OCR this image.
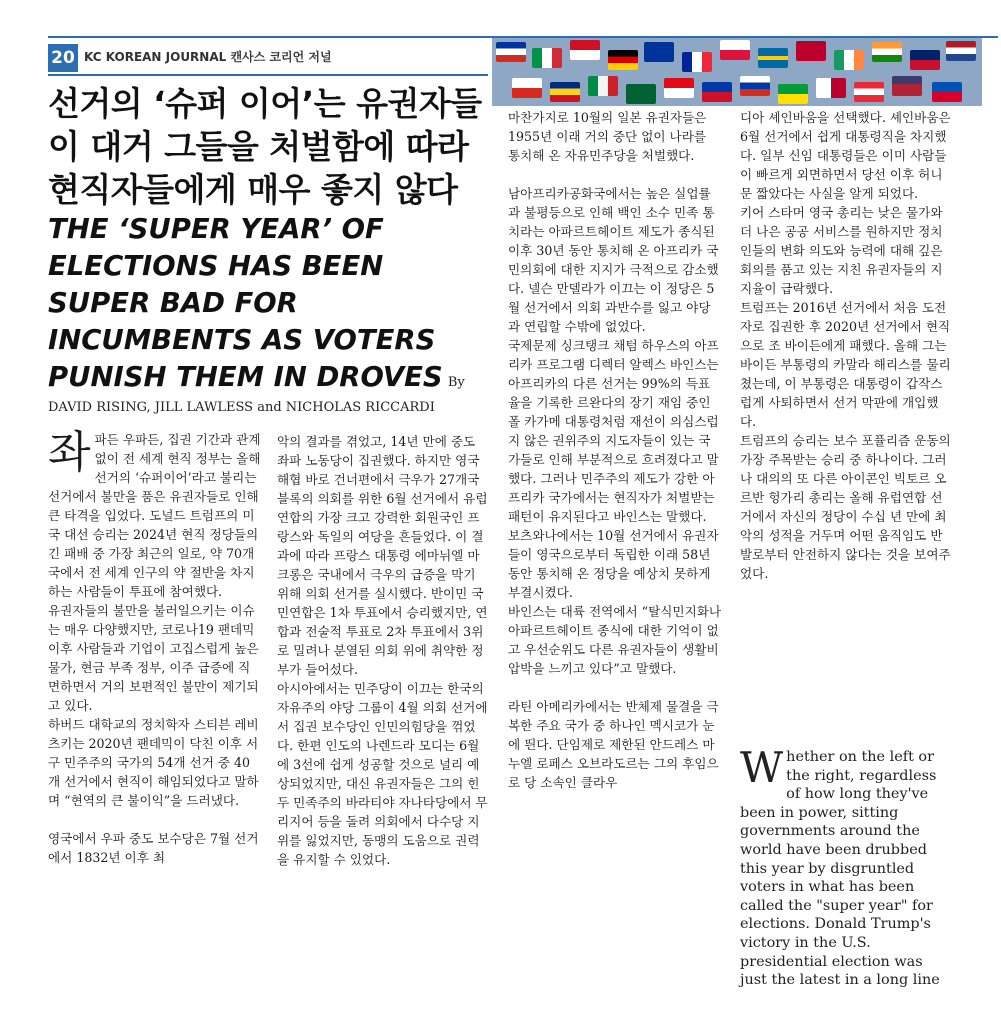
20 KC KOREAN JOURNAL 캔사스 코리언 저널
선거의 ‘슈퍼 이어’는 유권자들이 대거 그들을 처벌함에 따라 현직자들에게 매우 좋지 않다 THE ‘SUPER YEAR’ OF ELECTIONS HAS BEEN SUPER BAD FOR INCUMBENTS AS VOTERS PUNISH THEM IN DROVES By DAVID RISING, JILL LAWLESS and NICHOLAS RICCARDI

좌파든 우파든, 집권 기간과 관계없이 전 세계 현직 정부는 올해 선거의 ‘슈퍼이어’라고 불리는 선거에서 불만을 품은 유권자들로 인해 큰 타격을 입었다. 도널드 트럼프의 미국 대선 승리는 2024년 현직 정당들의 긴 패배 중 가장 최근의 일로, 약 70개국에서 전 세계 인구의 약 절반을 차지하는 사람들이 투표에 참여했다.

유권자들의 불만을 불러일으키는 이슈는 매우 다양했지만, 코로나19 팬데믹 이후 사람들과 기업이 고집스럽게 높은 물가, 현금 부족 정부, 이주 급증에 직면하면서 거의 보편적인 불만이 제기되고 있다.

하버드 대학교의 정치학자 스티븐 레비츠키는 2020년 팬데믹이 닥친 이후 서구 민주주의 국가의 54개 선거 중 40개 선거에서 현직이 해임되었다고 말하며 “현역의 큰 불이익”을 드러냈다.

영국에서 우파 중도 보수당은 7월 선거에서 1832년 이후 최

악의 결과를 겪었고, 14년 만에 중도 좌파 노동당이 집권했다. 하지만 영국 해협 바로 건너편에서 극우가 27개국 블록의 의회를 위한 6월 선거에서 유럽 연합의 가장 크고 강력한 회원국인 프랑스와 독일의 여당을 흔들었다. 이 결과에 따라 프랑스 대통령 에마뉘엘 마크롱은 국내에서 극우의 급증을 막기 위해 의회 선거를 실시했다. 반이민 국민연합은 1차 투표에서 승리했지만, 연합과 전술적 투표로 2차 투표에서 3위로 밀려나 분열된 의회 위에 취약한 정부가 들어섰다.

아시아에서는 민주당이 이끄는 한국의 자유주의 야당 그룹이 4월 의회 선거에서 집권 보수당인 인민의힘당을 꺾었다. 한편 인도의 나렌드라 모디는 6월에 3선에 쉽게 성공할 것으로 널리 예상되었지만, 대신 유권자들은 그의 힌두 민족주의 바라티야 자나타당에서 무리지어 등을 돌려 의회에서 다수당 지위를 잃었지만, 동맹의 도움으로 권력을 유지할 수 있었다.

마찬가지로 10월의 일본 유권자들은 1955년 이래 거의 중단 없이 나라를 통치해 온 자유민주당을 처벌했다.

남아프리카공화국에서는 높은 실업률과 불평등으로 인해 백인 소수 민족 통치라는 아파르트헤이트 제도가 종식된 이후 30년 동안 통치해 온 아프리카 국민의회에 대한 지지가 극적으로 감소했다. 넬슨 만델라가 이끄는 이 정당은 5월 선거에서 의회 과반수를 잃고 야당과 연립할 수밖에 없었다.

국제문제 싱크탱크 채텀 하우스의 아프리카 프로그램 디렉터 알렉스 바인스는 아프리카의 다른 선거는 99%의 득표율을 기록한 르완다의 장기 재임 중인 폴 카가메 대통령처럼 재선이 의심스럽지 않은 권위주의 지도자들이 있는 국가들로 인해 부분적으로 흐려졌다고 말했다. 그러나 민주주의 제도가 강한 아프리카 국가에서는 현직자가 처벌받는 패턴이 유지된다고 바인스는 말했다.

보츠와나에서는 10월 선거에서 유권자들이 영국으로부터 독립한 이래 58년 동안 통치해 온 정당을 예상치 못하게 부결시켰다.

바인스는 대륙 전역에서 “탈식민지화나 아파르트헤이트 종식에 대한 기억이 없고 우선순위도 다른 유권자들이 생활비 압박을 느끼고 있다”고 말했다.

라틴 아메리카에서는 반체제 물결을 극복한 주요 국가 중 하나인 멕시코가 눈에 띈다. 단임제로 제한된 안드레스 마누엘 로페스 오브라도르는 그의 후임으로 당 소속인 클라우

디아 셰인바움을 선택했다. 셰인바움은 6월 선거에서 쉽게 대통령직을 차지했다. 일부 신임 대통령들은 이미 사람들이 빠르게 외면하면서 당선 이후 허니문 짧았다는 사실을 알게 되었다.

키어 스타머 영국 총리는 낮은 물가와 더 나은 공공 서비스를 원하지만 정치인들의 변화 의도와 능력에 대해 깊은 회의를 품고 있는 지친 유권자들의 지지율이 급락했다.

트럼프는 2016년 선거에서 처음 도전자로 집권한 후 2020년 선거에서 현직으로 조 바이든에게 패했다. 올해 그는 바이든 부통령의 카말라 해리스를 물리쳤는데, 이 부통령은 대통령이 갑작스럽게 사퇴하면서 선거 막판에 개입했다.

트럼프의 승리는 보수 포퓰리즘 운동의 가장 주목받는 승리 중 하나이다. 그러나 대의의 또 다른 아이콘인 빅토르 오르반 헝가리 총리는 올해 유럽연합 선거에서 자신의 정당이 수십 년 만에 최악의 성적을 거두며 어떤 움직임도 반발로부터 안전하지 않다는 것을 보여주었다.

Whether on the left or the right, regardless of how long they've been in power, sitting governments around the world have been drubbed this year by disgruntled voters in what has been called the "super year" for elections. Donald Trump's victory in the U.S. presidential election was just the latest in a long line
